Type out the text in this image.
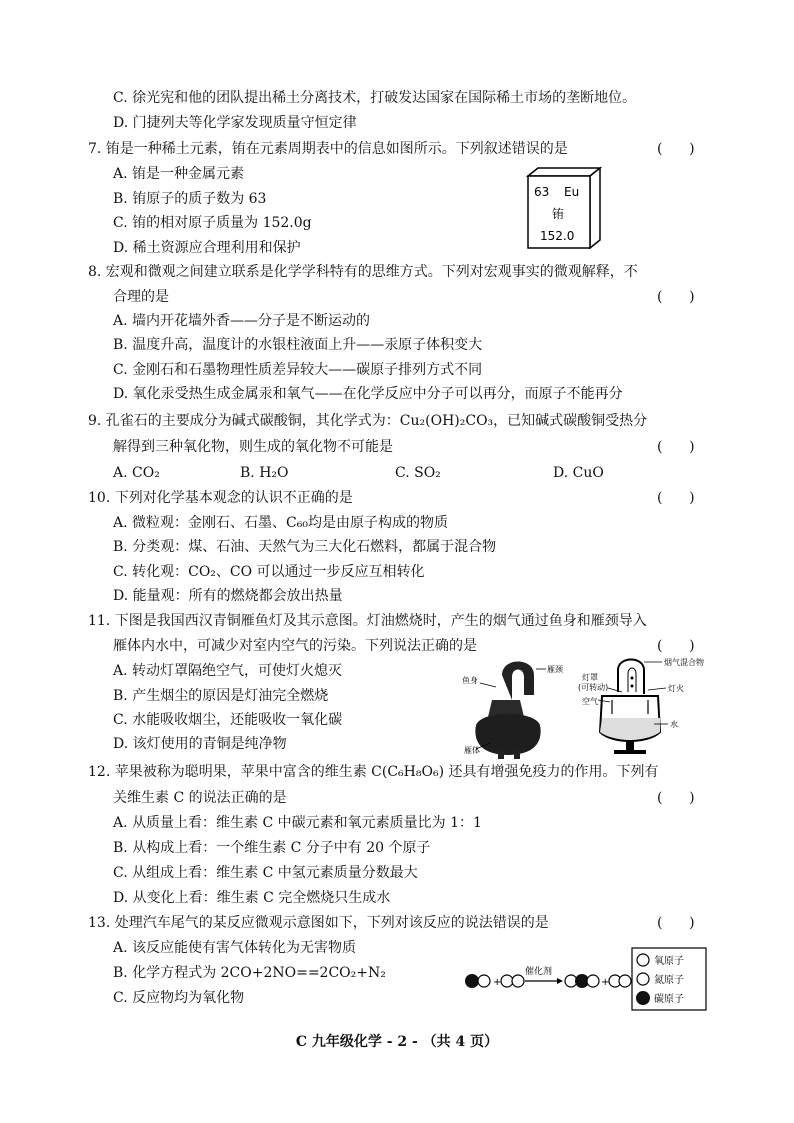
C. 徐光宪和他的团队提出稀土分离技术，打破发达国家在国际稀土市场的垄断地位。
D. 门捷列夫等化学家发现质量守恒定律
7. 铕是一种稀土元素，铕在元素周期表中的信息如图所示。下列叙述错误的是	(      )
A. 铕是一种金属元素
B. 铕原子的质子数为 63
C. 铕的相对原子质量为 152.0g
D. 稀土资源应合理利用和保护
63 Eu
铕
152.0
8. 宏观和微观之间建立联系是化学学科特有的思维方式。下列对宏观事实的微观解释，不
合理的是	(      )
A. 墙内开花墙外香——分子是不断运动的
B. 温度升高，温度计的水银柱液面上升——汞原子体积变大
C. 金刚石和石墨物理性质差异较大——碳原子排列方式不同
D. 氧化汞受热生成金属汞和氧气——在化学反应中分子可以再分，而原子不能再分
9. 孔雀石的主要成分为碱式碳酸铜，其化学式为：Cu₂(OH)₂CO₃，已知碱式碳酸铜受热分
解得到三种氧化物，则生成的氧化物不可能是	(      )
A. CO₂	B. H₂O	C. SO₂	D. CuO
10. 下列对化学基本观念的认识不正确的是	(      )
A. 微粒观：金刚石、石墨、C₆₀均是由原子构成的物质
B. 分类观：煤、石油、天然气为三大化石燃料，都属于混合物
C. 转化观：CO₂、CO 可以通过一步反应互相转化
D. 能量观：所有的燃烧都会放出热量
11. 下图是我国西汉青铜雁鱼灯及其示意图。灯油燃烧时，产生的烟气通过鱼身和雁颈导入
雁体内水中，可减少对室内空气的污染。下列说法正确的是	(      )
A. 转动灯罩隔绝空气，可使灯火熄灭
B. 产生烟尘的原因是灯油完全燃烧
C. 水能吸收烟尘，还能吸收一氧化碳
D. 该灯使用的青铜是纯净物
鱼身
雁颈
雁体
烟气混合物
灯罩
(可转动)
空气
灯火
水
12. 苹果被称为聪明果，苹果中富含的维生素 C(C₆H₈O₆) 还具有增强免疫力的作用。下列有
关维生素 C 的说法正确的是	(      )
A. 从质量上看：维生素 C 中碳元素和氧元素质量比为 1：1
B. 从构成上看：一个维生素 C 分子中有 20 个原子
C. 从组成上看：维生素 C 中氢元素质量分数最大
D. 从变化上看：维生素 C 完全燃烧只生成水
13. 处理汽车尾气的某反应微观示意图如下，下列对该反应的说法错误的是	(      )
A. 该反应能使有害气体转化为无害物质
B. 化学方程式为 2CO+2NO==2CO₂+N₂
C. 反应物均为氧化物
+
催化剂
+
氧原子
氮原子
碳原子
C 九年级化学 - 2 - （共 4 页）
